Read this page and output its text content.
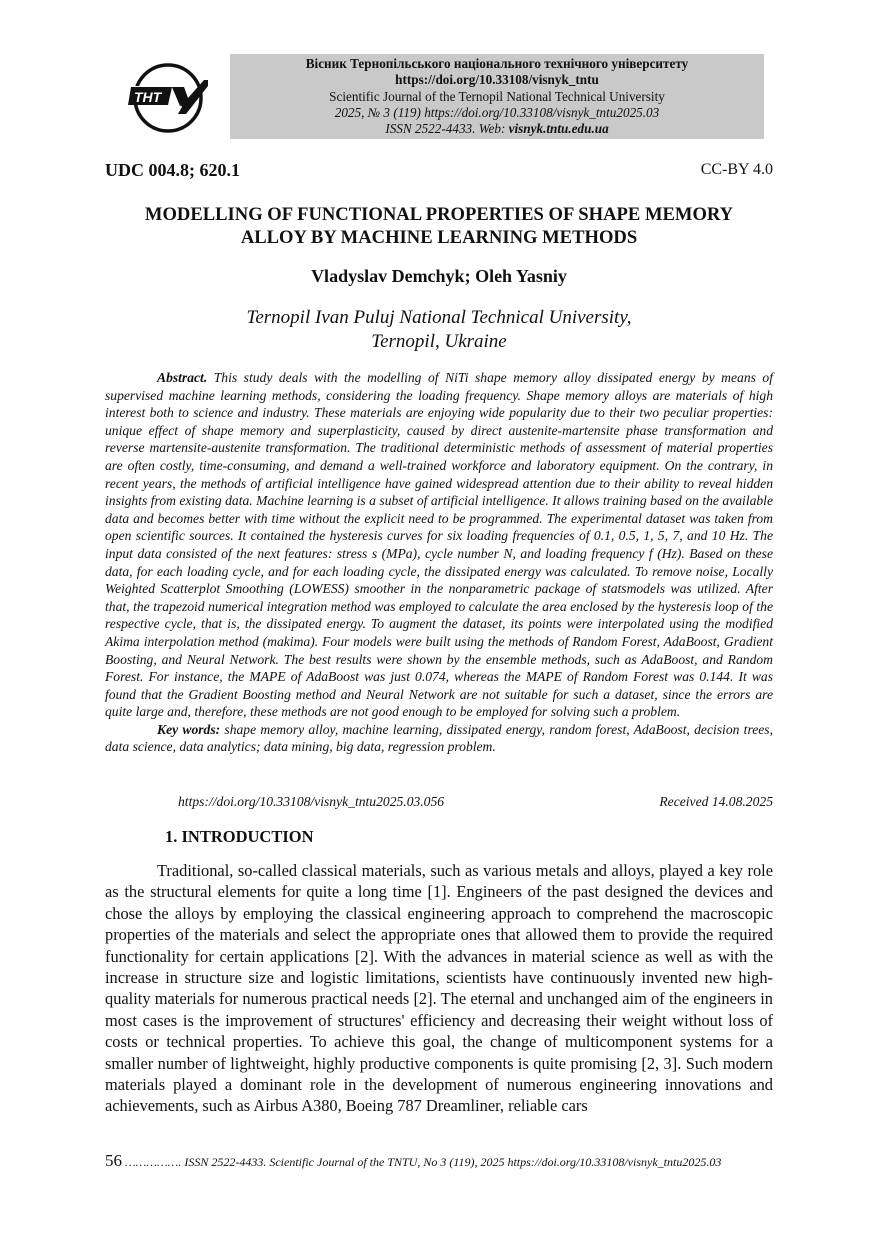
THT
Вісник Тернопільського національного технічного університету
https://doi.org/10.33108/visnyk_tntu
Scientific Journal of the Ternopil National Technical University
2025, № 3 (119) https://doi.org/10.33108/visnyk_tntu2025.03
ISSN 2522-4433. Web: visnyk.tntu.edu.ua
UDC 004.8; 620.1	CC-BY 4.0
MODELLING OF FUNCTIONAL PROPERTIES OF SHAPE MEMORY
ALLOY BY MACHINE LEARNING METHODS
Vladyslav Demchyk; Oleh Yasniy
Ternopil Ivan Puluj National Technical University,
Ternopil, Ukraine

Abstract. This study deals with the modelling of NiTi shape memory alloy dissipated energy by means of supervised machine learning methods, considering the loading frequency. Shape memory alloys are materials of high interest both to science and industry. These materials are enjoying wide popularity due to their two peculiar properties: unique effect of shape memory and superplasticity, caused by direct austenite-martensite phase transformation and reverse martensite-austenite transformation. The traditional deterministic methods of assessment of material properties are often costly, time-consuming, and demand a well-trained workforce and laboratory equipment. On the contrary, in recent years, the methods of artificial intelligence have gained widespread attention due to their ability to reveal hidden insights from existing data. Machine learning is a subset of artificial intelligence. It allows training based on the available data and becomes better with time without the explicit need to be programmed. The experimental dataset was taken from open scientific sources. It contained the hysteresis curves for six loading frequencies of 0.1, 0.5, 1, 5, 7, and 10 Hz. The input data consisted of the next features: stress s (MPa), cycle number N, and loading frequency f (Hz). Based on these data, for each loading cycle, and for each loading cycle, the dissipated energy was calculated. To remove noise, Locally Weighted Scatterplot Smoothing (LOWESS) smoother in the nonparametric package of statsmodels was utilized. After that, the trapezoid numerical integration method was employed to calculate the area enclosed by the hysteresis loop of the respective cycle, that is, the dissipated energy. To augment the dataset, its points were interpolated using the modified Akima interpolation method (makima). Four models were built using the methods of Random Forest, AdaBoost, Gradient Boosting, and Neural Network. The best results were shown by the ensemble methods, such as AdaBoost, and Random Forest. For instance, the MAPE of AdaBoost was just 0.074, whereas the MAPE of Random Forest was 0.144. It was found that the Gradient Boosting method and Neural Network are not suitable for such a dataset, since the errors are quite large and, therefore, these methods are not good enough to be employed for solving such a problem.

Key words: shape memory alloy, machine learning, dissipated energy, random forest, AdaBoost, decision trees, data science, data analytics; data mining, big data, regression problem.

https://doi.org/10.33108/visnyk_tntu2025.03.056	Received 14.08.2025
1. INTRODUCTION

Traditional, so-called classical materials, such as various metals and alloys, played a key role as the structural elements for quite a long time [1]. Engineers of the past designed the devices and chose the alloys by employing the classical engineering approach to comprehend the macroscopic properties of the materials and select the appropriate ones that allowed them to provide the required functionality for certain applications [2]. With the advances in material science as well as with the increase in structure size and logistic limitations, scientists have continuously invented new high-quality materials for numerous practical needs [2]. The eternal and unchanged aim of the engineers in most cases is the improvement of structures' efficiency and decreasing their weight without loss of costs or technical properties. To achieve this goal, the change of multicomponent systems for a smaller number of lightweight, highly productive components is quite promising [2, 3]. Such modern materials played a dominant role in the development of numerous engineering innovations and achievements, such as Airbus A380, Boeing 787 Dreamliner, reliable cars

56 ……………. ISSN 2522-4433. Scientific Journal of the TNTU, No 3 (119), 2025 https://doi.org/10.33108/visnyk_tntu2025.03
